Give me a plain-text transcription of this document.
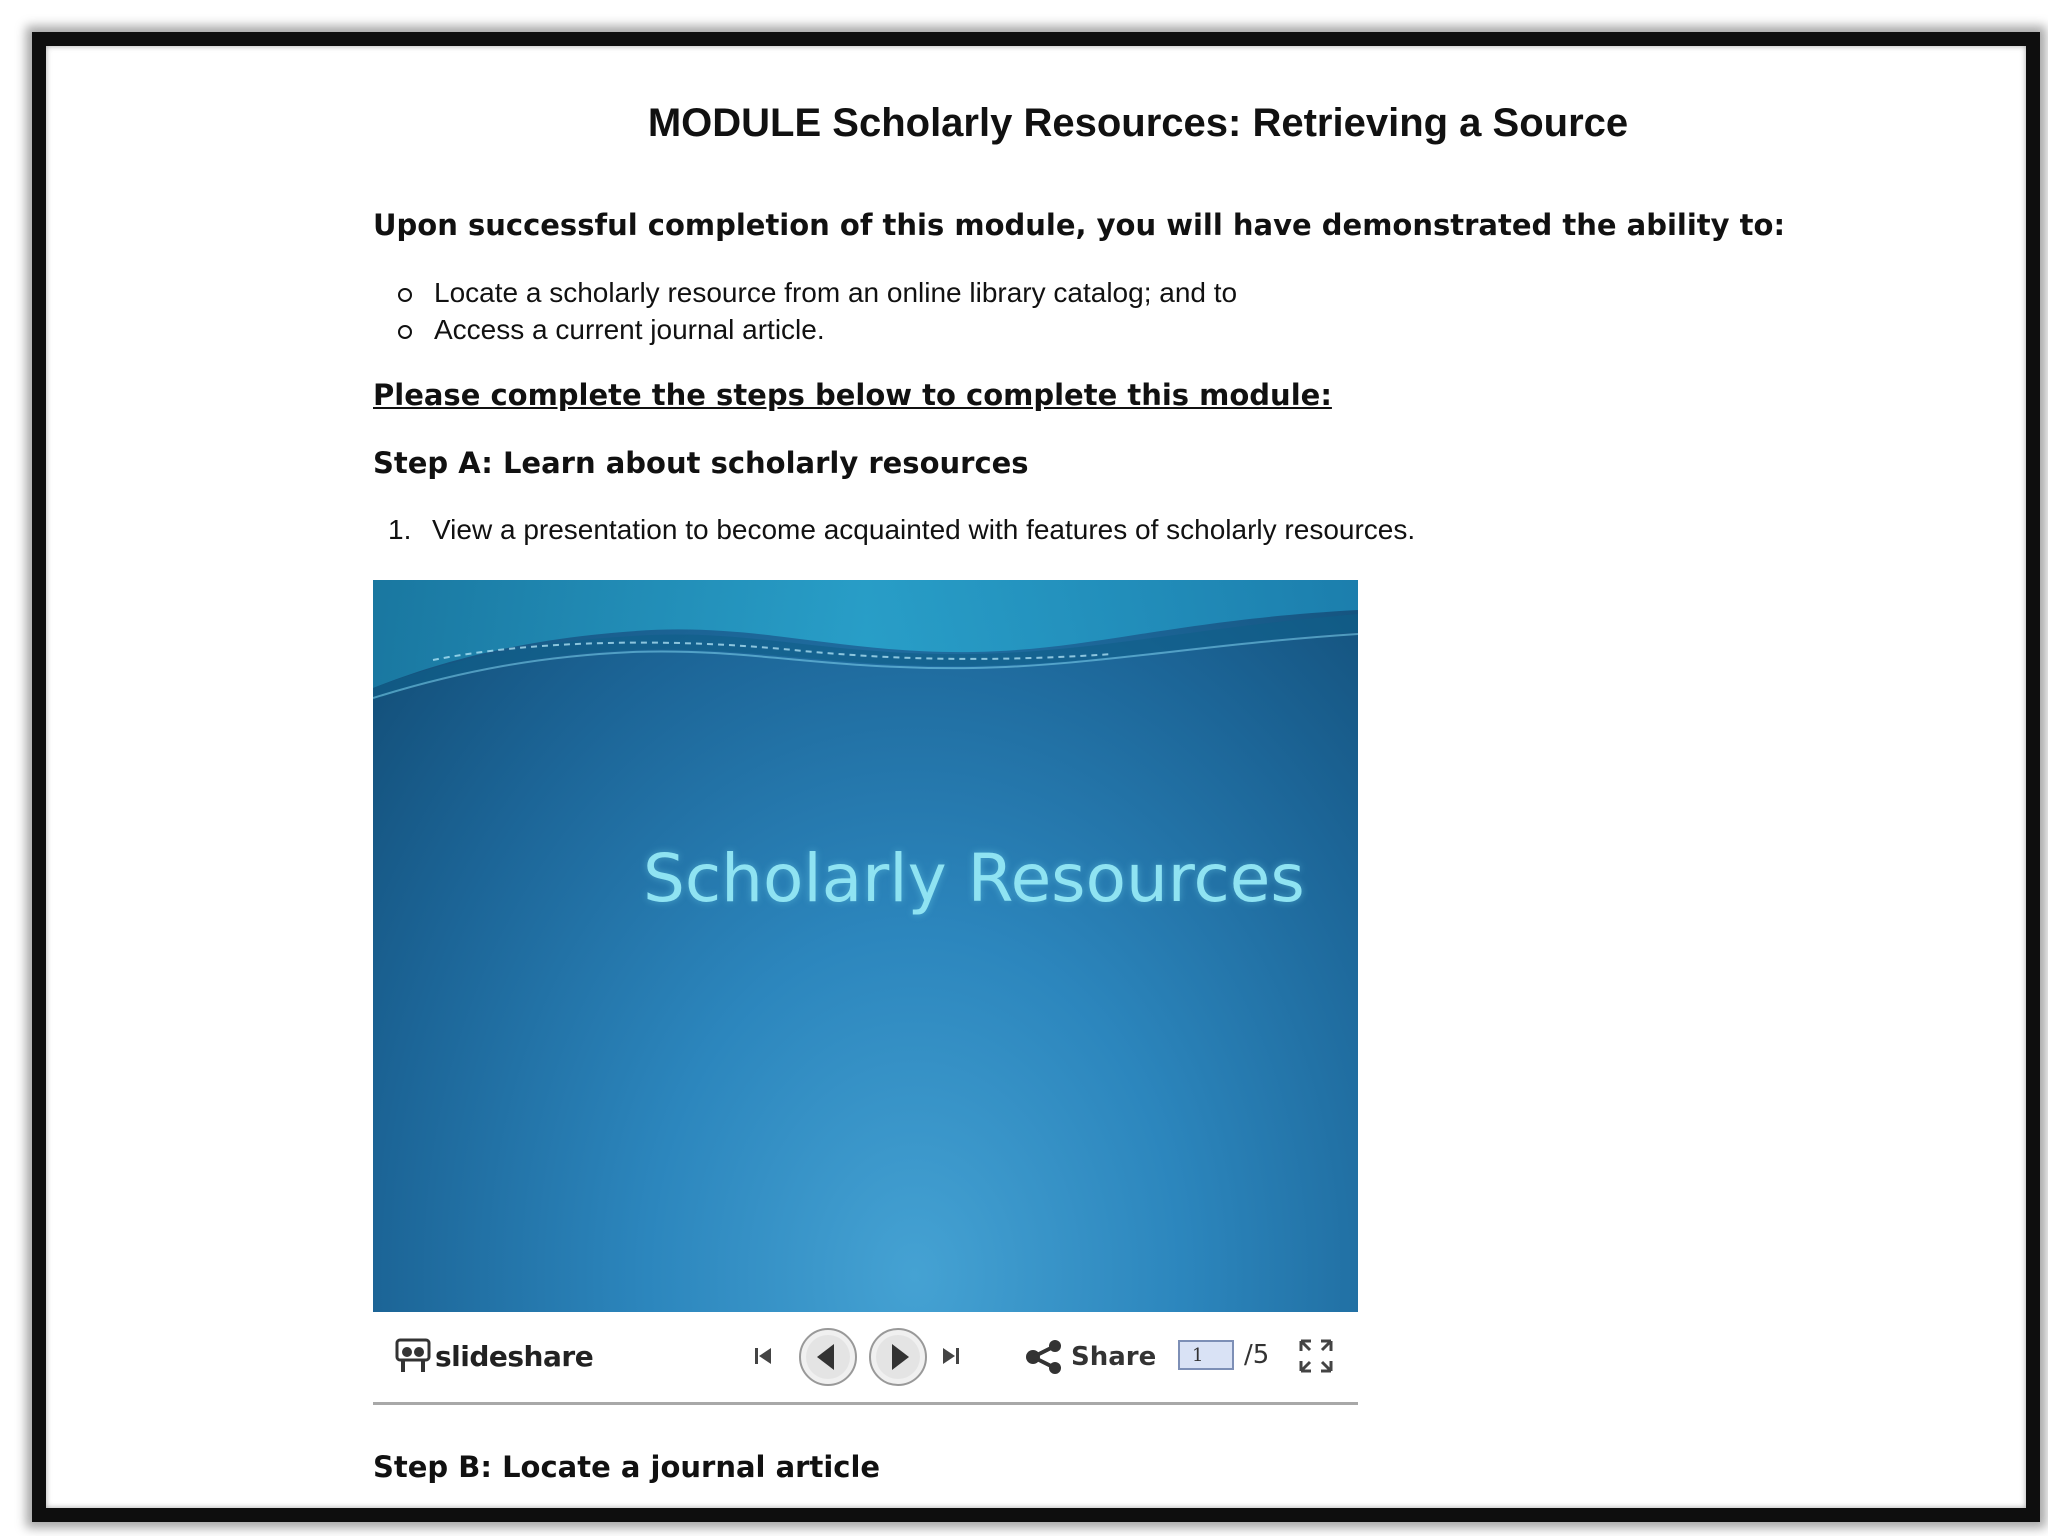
MODULE Scholarly Resources: Retrieving a Source
Upon successful completion of this module, you will have demonstrated the ability to:
Locate a scholarly resource from an online library catalog; and to
Access a current journal article.
Please complete the steps below to complete this module:
Step A: Learn about scholarly resources
1. View a presentation to become acquainted with features of scholarly resources.
Scholarly Resources
slideshare	Share
1	/5
Step B: Locate a journal article
